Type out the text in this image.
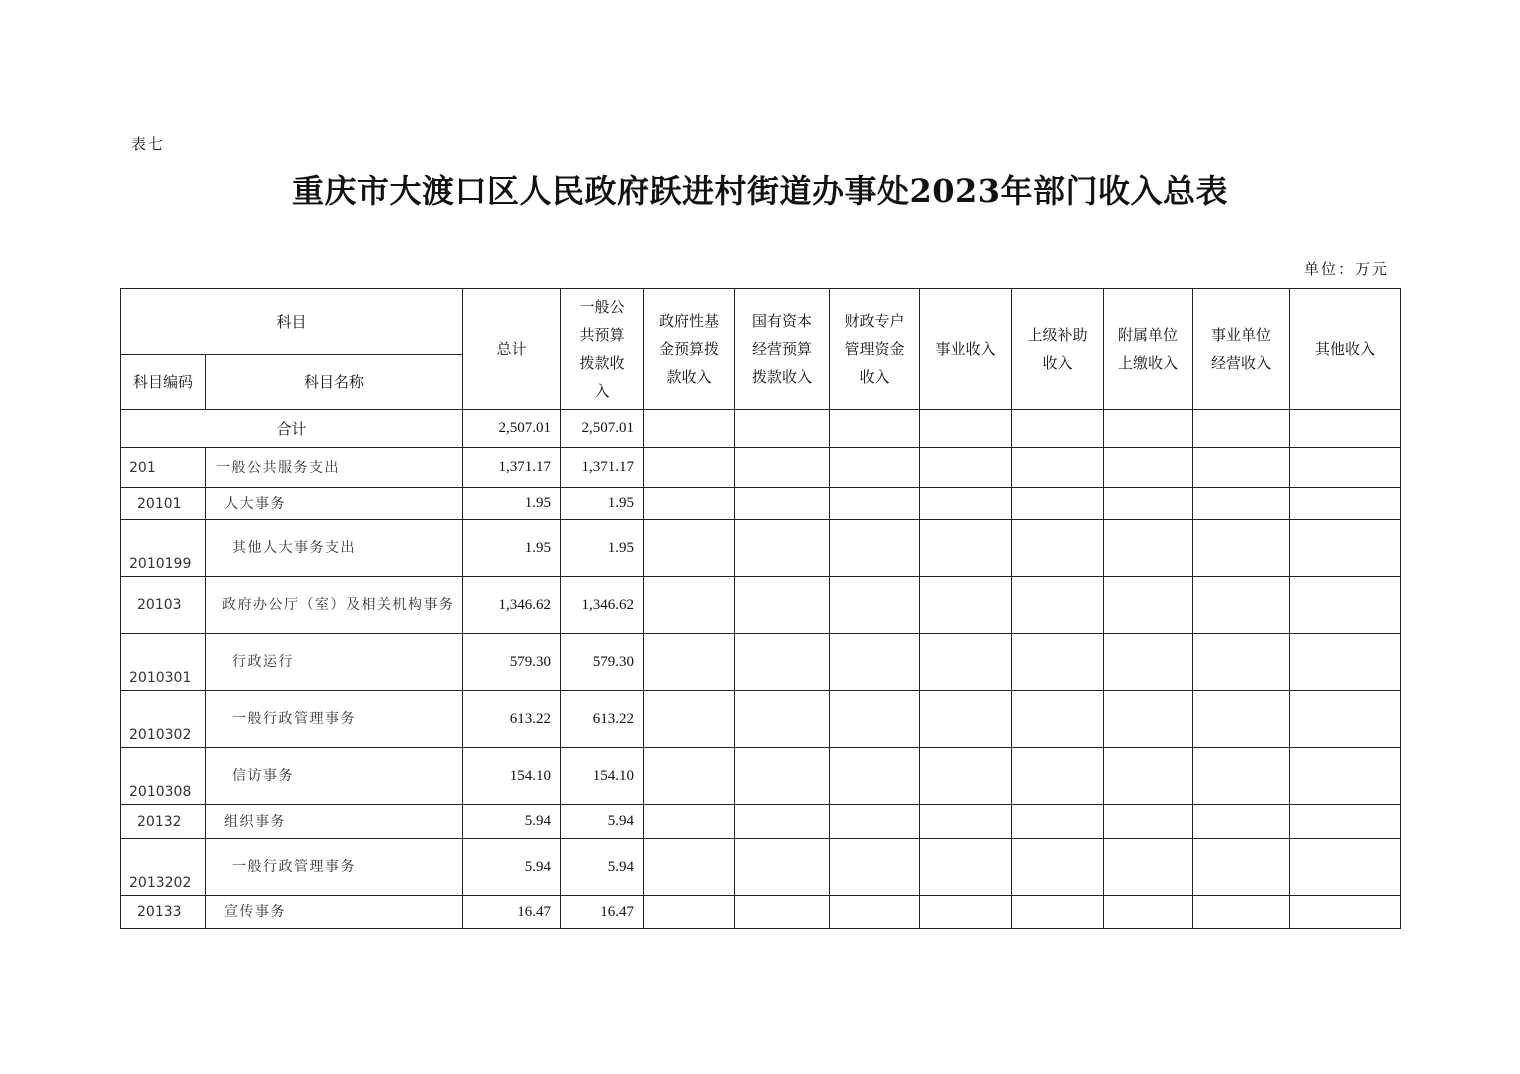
表七
重庆市大渡口区人民政府跃进村街道办事处2023年部门收入总表
单位：万元
科目		总计	一般公共预算拨款收入	政府性基金预算拨款收入	国有资本经营预算拨款收入	财政专户管理资金收入	事业收入	上级补助收入	附属单位上缴收入	事业单位经营收入	其他收入
科目编码	科目名称										
合计		2,507.01	2,507.01								
201	一般公共服务支出	1,371.17	1,371.17								
20101	人大事务	1.95	1.95								
2010199	其他人大事务支出	1.95	1.95								
20103	政府办公厅（室）及相关机构事务	1,346.62	1,346.62								
2010301	行政运行	579.30	579.30								
2010302	一般行政管理事务	613.22	613.22								
2010308	信访事务	154.10	154.10								
20132	组织事务	5.94	5.94								
2013202	一般行政管理事务	5.94	5.94								
20133	宣传事务	16.47	16.47								
